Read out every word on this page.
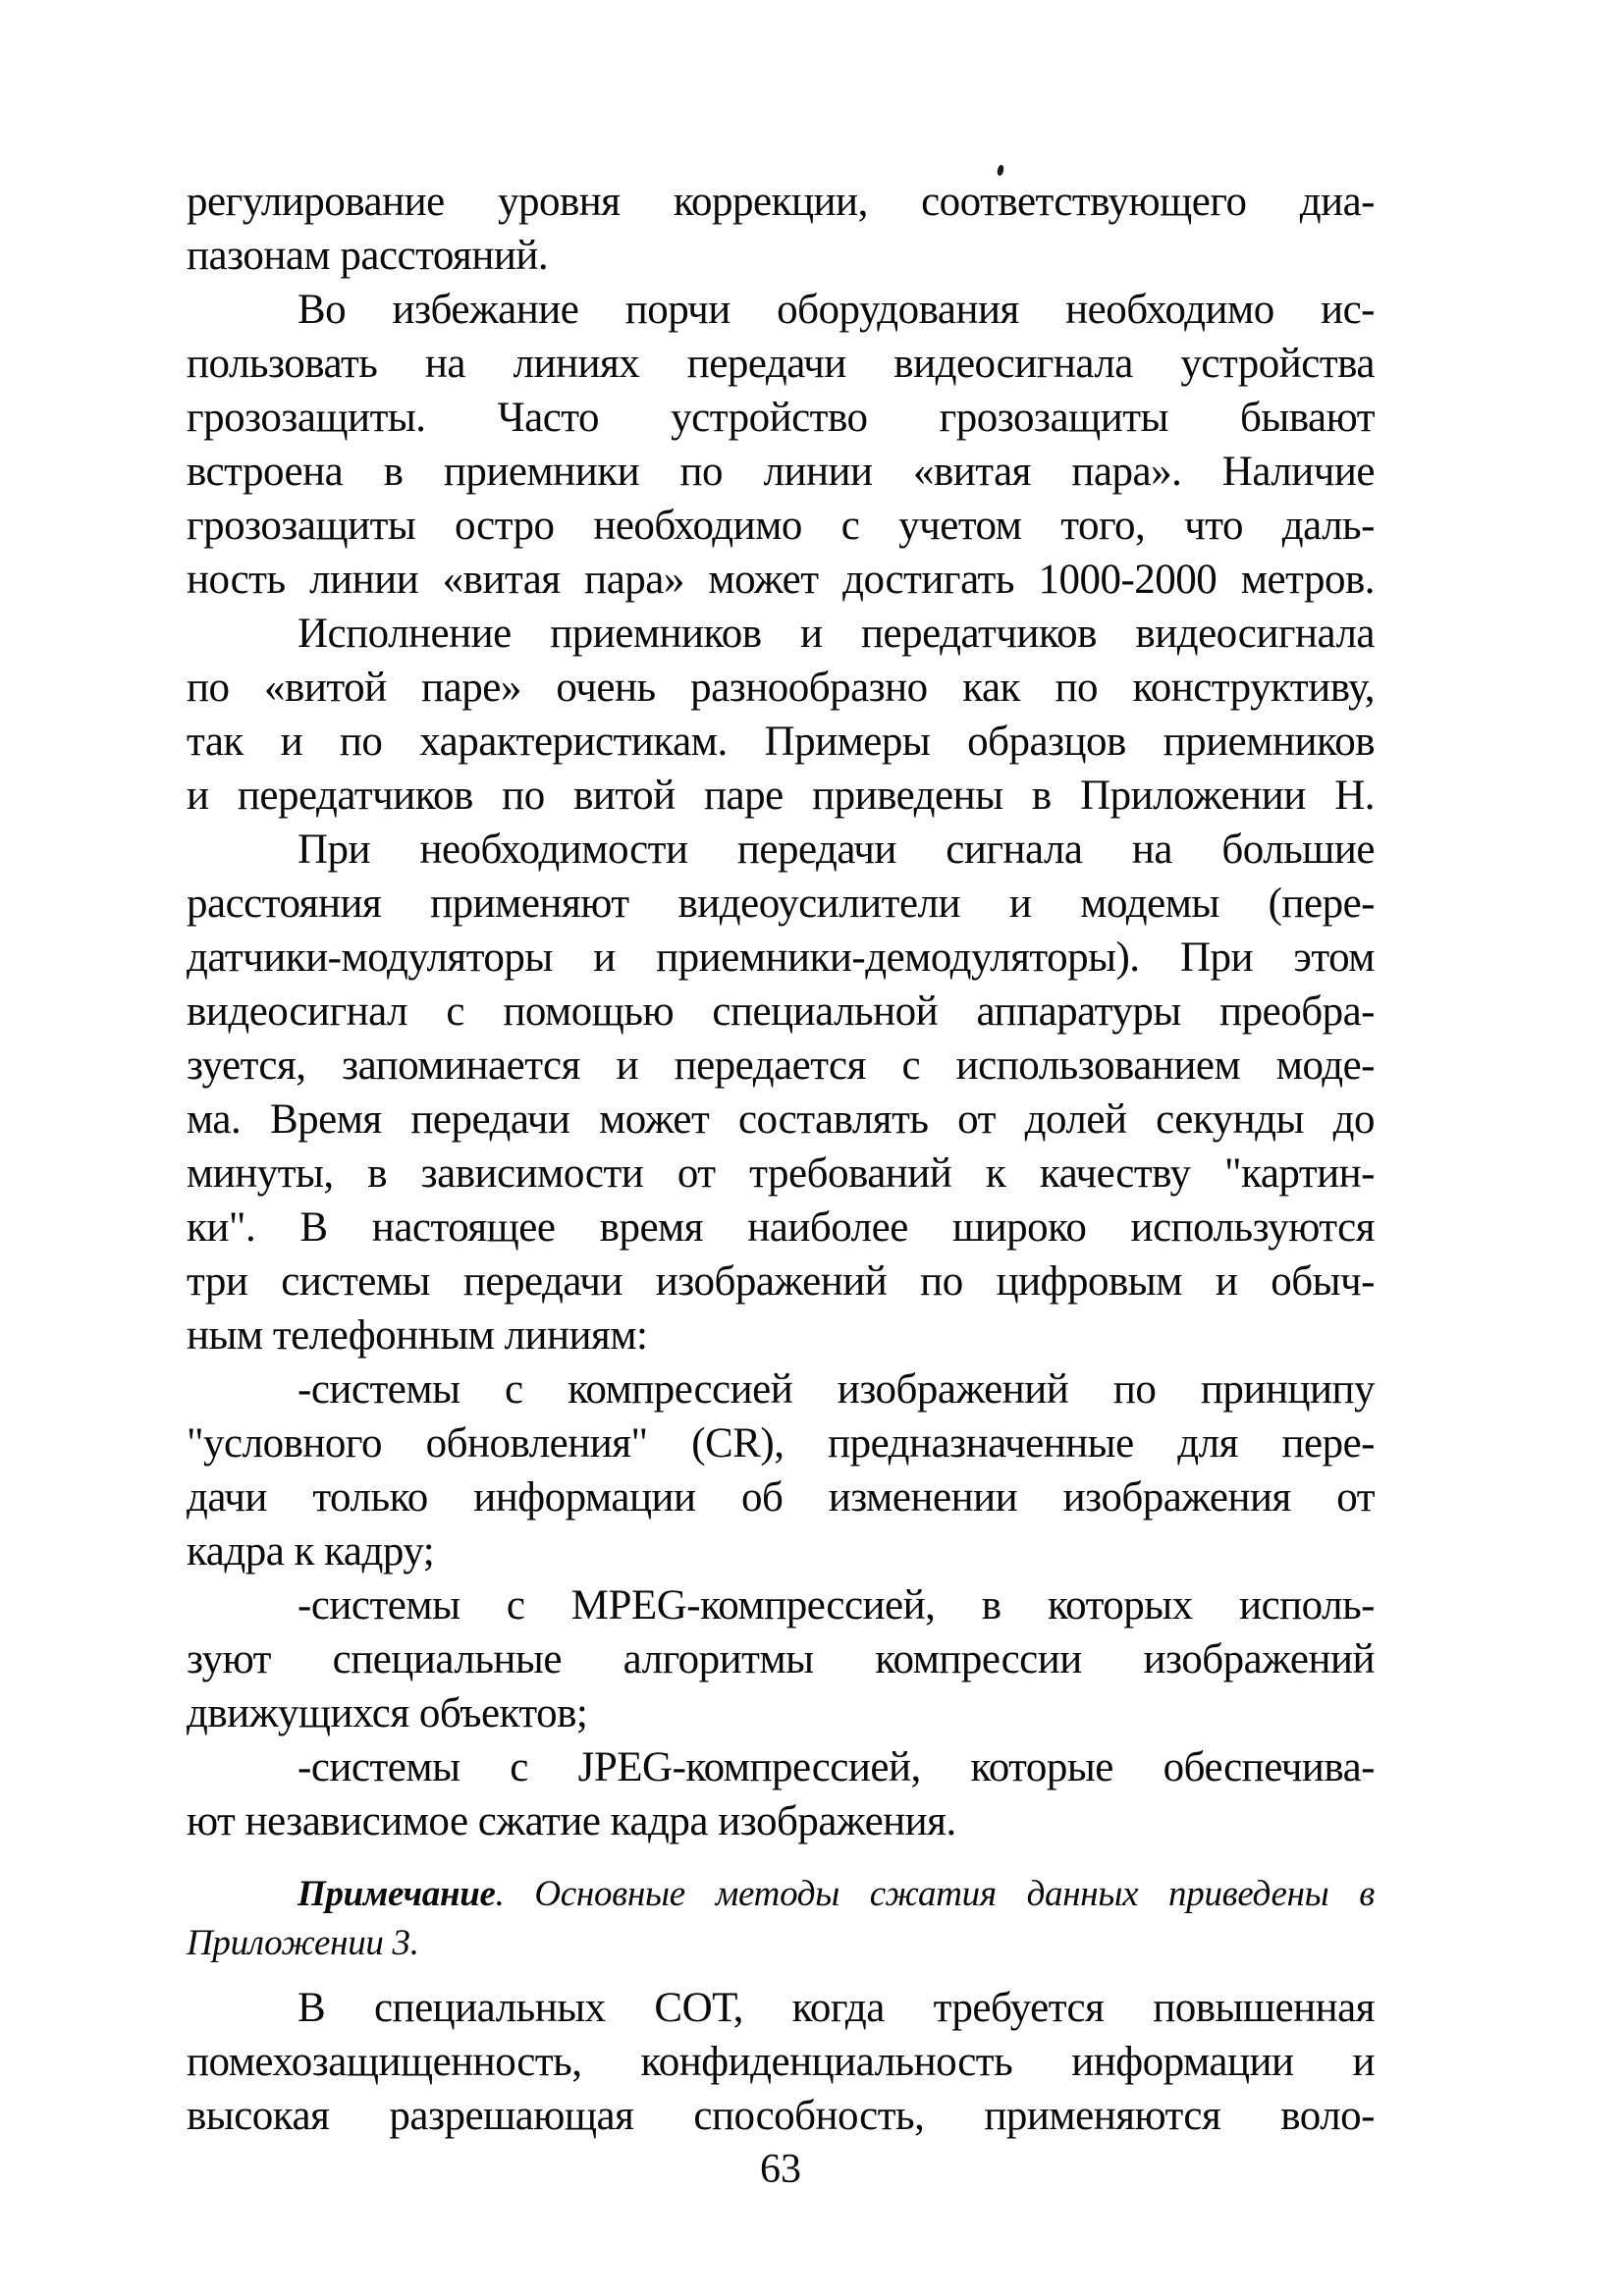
регулирование уровня коррекции, соответствующего диа-
пазонам расстояний.
Во избежание порчи оборудования необходимо ис-
пользовать на линиях передачи видеосигнала устройства
грозозащиты. Часто устройство грозозащиты бывают
встроена в приемники по линии «витая пара». Наличие
грозозащиты остро необходимо с учетом того, что даль-
ность линии «витая пара» может достигать 1000-2000 метров.
Исполнение приемников и передатчиков видеосигнала
по «витой паре» очень разнообразно как по конструктиву,
так и по характеристикам. Примеры образцов приемников
и передатчиков по витой паре приведены в Приложении Н.
При необходимости передачи сигнала на большие
расстояния применяют видеоусилители и модемы (пере-
датчики-модуляторы и приемники-демодуляторы). При этом
видеосигнал с помощью специальной аппаратуры преобра-
зуется, запоминается и передается с использованием моде-
ма. Время передачи может составлять от долей секунды до
минуты, в зависимости от требований к качеству "картин-
ки". В настоящее время наиболее широко используются
три системы передачи изображений по цифровым и обыч-
ным телефонным линиям:
-системы с компрессией изображений по принципу
"условного обновления" (CR), предназначенные для пере-
дачи только информации об изменении изображения от
кадра к кадру;
-системы с MPEG-компрессией, в которых исполь-
зуют специальные алгоритмы компрессии изображений
движущихся объектов;
-системы с JPEG-компрессией, которые обеспечива-
ют независимое сжатие кадра изображения.
Примечание. Основные методы сжатия данных приведены в
Приложении 3.
В специальных СОТ, когда требуется повышенная
помехозащищенность, конфиденциальность информации и
высокая разрешающая способность, применяются воло-
63
